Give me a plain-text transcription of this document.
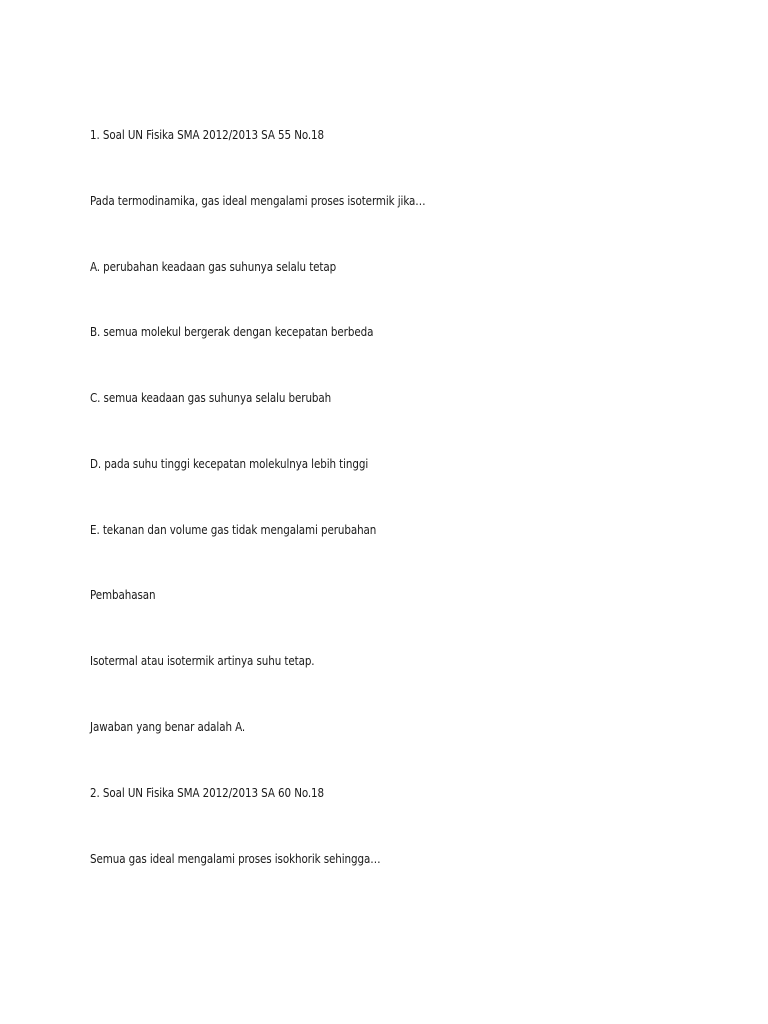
1. Soal UN Fisika SMA 2012/2013 SA 55 No.18
Pada termodinamika, gas ideal mengalami proses isotermik jika…
A. perubahan keadaan gas suhunya selalu tetap
B. semua molekul bergerak dengan kecepatan berbeda
C. semua keadaan gas suhunya selalu berubah
D. pada suhu tinggi kecepatan molekulnya lebih tinggi
E. tekanan dan volume gas tidak mengalami perubahan
Pembahasan
Isotermal atau isotermik artinya suhu tetap.
Jawaban yang benar adalah A.
2. Soal UN Fisika SMA 2012/2013 SA 60 No.18
Semua gas ideal mengalami proses isokhorik sehingga…
